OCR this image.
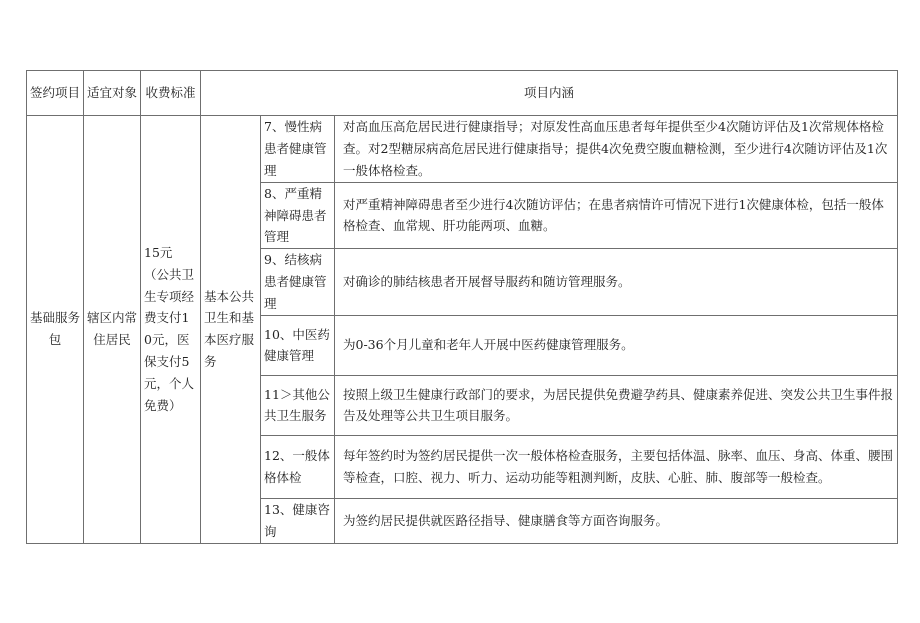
签约项目	适宜对象	收费标准	项目内涵		
基础服务包	辖区内常住居民	15元（公共卫生专项经费支付10元，医保支付5元，个人免费）	基本公共卫生和基本医疗服务	7、慢性病患者健康管理	对高血压高危居民进行健康指导；对原发性高血压患者每年提供至少4次随访评估及1次常规体格检查。对2型糖尿病高危居民进行健康指导；提供4次免费空腹血糖检测，至少进行4次随访评估及1次一般体格检查。
				8、严重精神障碍患者管理	对严重精神障碍患者至少进行4次随访评估；在患者病情许可情况下进行1次健康体检，包括一般体格检查、血常规、肝功能两项、血糖。
				9、结核病患者健康管理	对确诊的肺结核患者开展督导服药和随访管理服务。
				10、中医药健康管理	为0-36个月儿童和老年人开展中医药健康管理服务。
				11＞其他公共卫生服务	按照上级卫生健康行政部门的要求，为居民提供免费避孕药具、健康素养促进、突发公共卫生事件报告及处理等公共卫生项目服务。
				12、一般体格体检	每年签约时为签约居民提供一次一般体格检查服务，主要包括体温、脉率、血压、身高、体重、腰围等检查，口腔、视力、听力、运动功能等粗测判断，皮肤、心脏、肺、腹部等一般检查。
				13、健康咨询	为签约居民提供就医路径指导、健康膳食等方面咨询服务。
